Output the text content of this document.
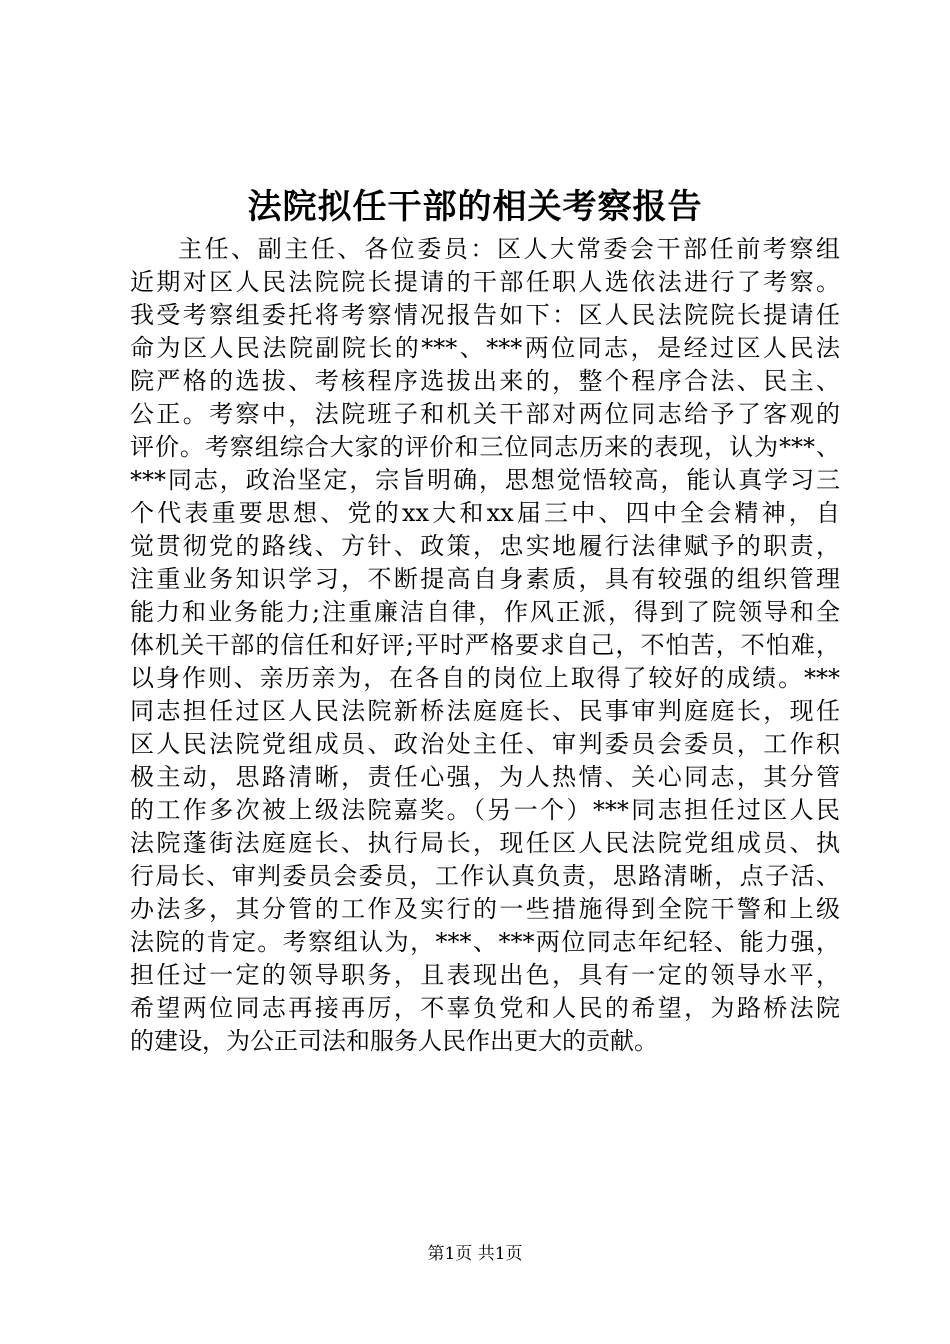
法院拟任干部的相关考察报告
主任、副主任、各位委员：区人大常委会干部任前考察组
近期对区人民法院院长提请的干部任职人选依法进行了考察。
我受考察组委托将考察情况报告如下：区人民法院院长提请任
命为区人民法院副院长的***、***两位同志，是经过区人民法
院严格的选拔、考核程序选拔出来的，整个程序合法、民主、
公正。考察中，法院班子和机关干部对两位同志给予了客观的
评价。考察组综合大家的评价和三位同志历来的表现，认为***、
***同志，政治坚定，宗旨明确，思想觉悟较高，能认真学习三
个代表重要思想、党的xx大和xx届三中、四中全会精神，自
觉贯彻党的路线、方针、政策，忠实地履行法律赋予的职责，
注重业务知识学习，不断提高自身素质，具有较强的组织管理
能力和业务能力;注重廉洁自律，作风正派，得到了院领导和全
体机关干部的信任和好评;平时严格要求自己，不怕苦，不怕难，
以身作则、亲历亲为，在各自的岗位上取得了较好的成绩。***
同志担任过区人民法院新桥法庭庭长、民事审判庭庭长，现任
区人民法院党组成员、政治处主任、审判委员会委员，工作积
极主动，思路清晰，责任心强，为人热情、关心同志，其分管
的工作多次被上级法院嘉奖。（另一个）***同志担任过区人民
法院蓬街法庭庭长、执行局长，现任区人民法院党组成员、执
行局长、审判委员会委员，工作认真负责，思路清晰，点子活、
办法多，其分管的工作及实行的一些措施得到全院干警和上级
法院的肯定。考察组认为，***、***两位同志年纪轻、能力强，
担任过一定的领导职务，且表现出色，具有一定的领导水平，
希望两位同志再接再厉，不辜负党和人民的希望，为路桥法院
的建设，为公正司法和服务人民作出更大的贡献。
第1页 共1页
